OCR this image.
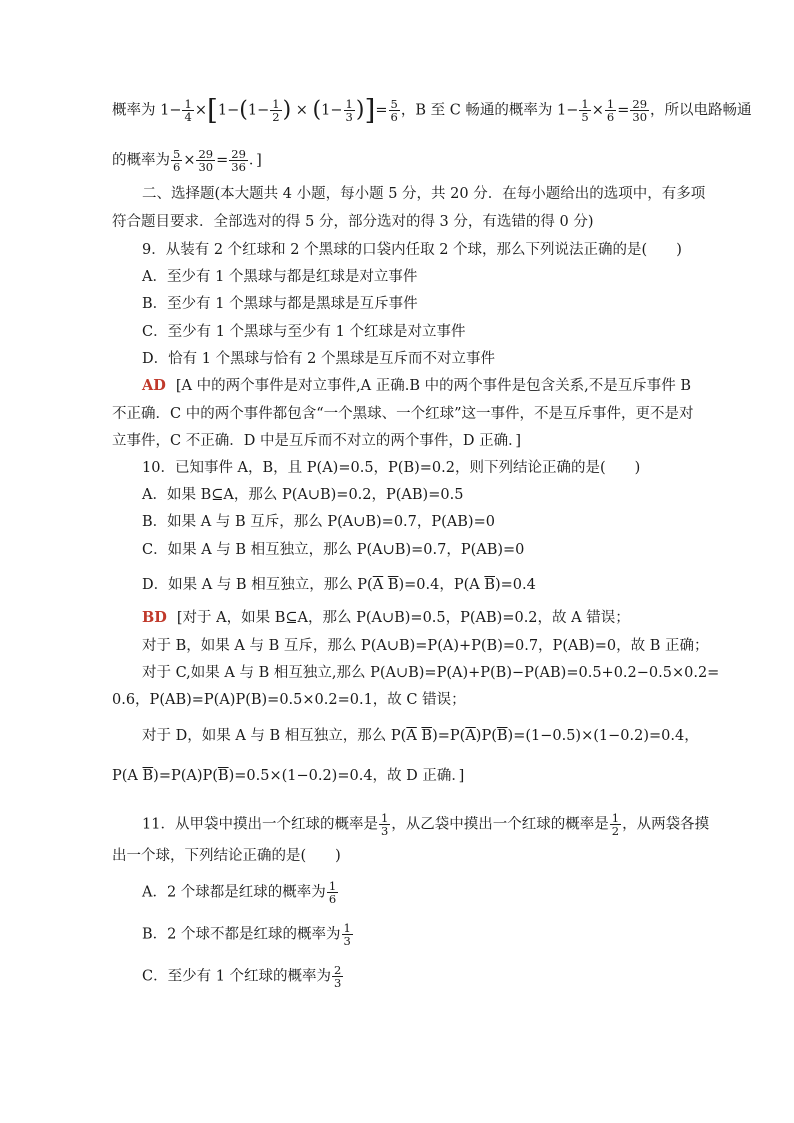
概率为 $1- \frac{1}{4} \times[1-(1- \frac{1}{2}$ ) × ($1- \frac{1}{3}$ )]= $\frac{5}{6}$ ，B 至 C 畅通的概率为 $1- \frac{1}{5} \times \frac{1}{6} = \frac{29}{30}$ ，所以电路畅通
的概率为 $\frac{5}{6} \times \frac{29}{30} = \frac{29}{36}$ ．]
二、选择题(本大题共 4 小题，每小题 5 分，共 20 分．在每小题给出的选项中，有多项
符合题目要求．全部选对的得 5 分，部分选对的得 3 分，有选错的得 0 分)
9．从装有 2 个红球和 2 个黑球的口袋内任取 2 个球，那么下列说法正确的是(　　)
A．至少有 1 个黑球与都是红球是对立事件
B．至少有 1 个黑球与都是黑球是互斥事件
C．至少有 1 个黑球与至少有 1 个红球是对立事件
D．恰有 1 个黑球与恰有 2 个黑球是互斥而不对立事件
AD [A 中的两个事件是对立事件,A 正确.B 中的两个事件是包含关系,不是互斥事件 B
不正确．C 中的两个事件都包含“一个黑球、一个红球”这一事件，不是互斥事件，更不是对
立事件，C 不正确．D 中是互斥而不对立的两个事件，D 正确．]
10．已知事件 A，B，且 P(A)=0.5，P(B)=0.2，则下列结论正确的是(　　)
A．如果 B⊆A，那么 P(A∪B)=0.2，P(AB)=0.5
B．如果 A 与 B 互斥，那么 P(A∪B)=0.7，P(AB)=0
C．如果 A 与 B 相互独立，那么 P(A∪B)=0.7，P(AB)=0
D．如果 A 与 B 相互独立，那么 $P(\overline{A}$ $\overline{B})=0.4$，P(A $\overline{B})=0.4$
BD [对于 A，如果 B⊆A，那么 P(A∪B)=0.5，P(AB)=0.2，故 A 错误；
对于 B，如果 A 与 B 互斥，那么 P(A∪B)=P(A)+P(B)=0.7，P(AB)=0，故 B 正确；
对于 C,如果 A 与 B 相互独立,那么 P(A∪B)=P(A)+P(B)−P(AB)=0.5+0.2−0.5×0.2=
0.6，P(AB)=P(A)P(B)=0.5×0.2=0.1，故 C 错误；
对于 D，如果 A 与 B 相互独立，那么 $P(\overline{A}$ $\overline{B})=P(\overline{A})P(\overline{B})=(1-0.5)\times(1-0.2)=0.4$，
P(A $\overline{B})=P(A)P(\overline{B})=0.5\times(1-0.2)=0.4$，故 D 正确．]
11．从甲袋中摸出一个红球的概率是 $\frac{1}{3}$ ，从乙袋中摸出一个红球的概率是 $\frac{1}{2}$ ，从两袋各摸
出一个球，下列结论正确的是(　　)
A．2 个球都是红球的概率为 $\frac{1}{6}$
B．2 个球不都是红球的概率为 $\frac{1}{3}$
C．至少有 1 个红球的概率为 $\frac{2}{3}$
